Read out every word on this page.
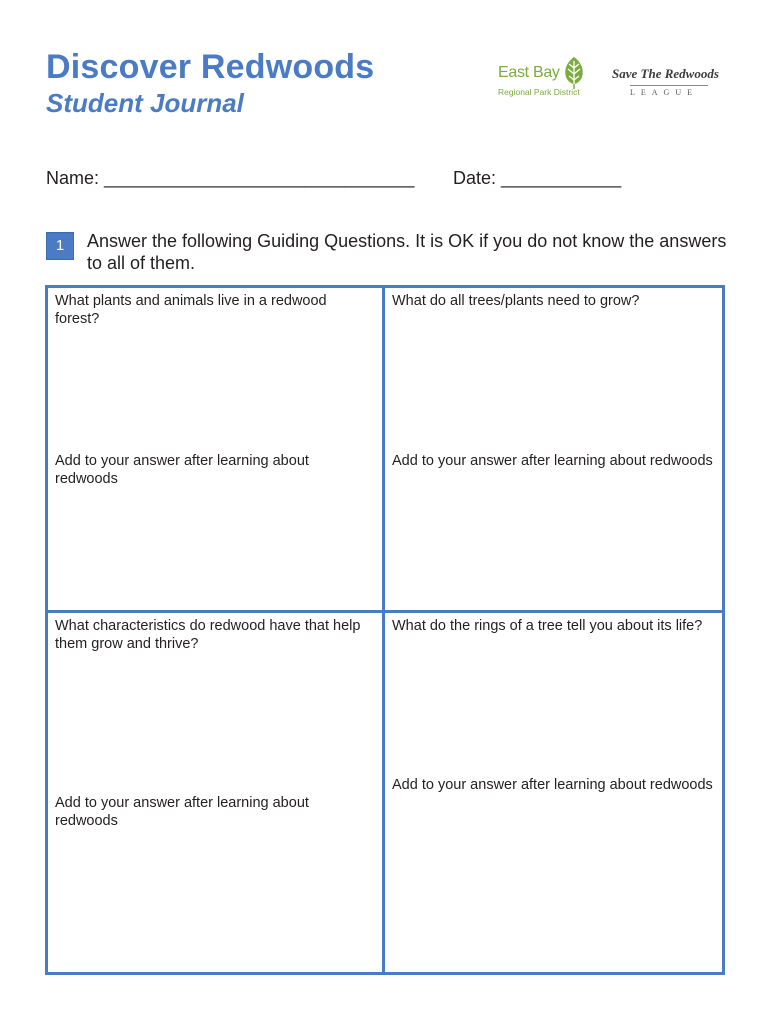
Discover Redwoods
Student Journal
East Bay
Regional Park District
Save The Redwoods
LEAGUE
Name: _______________________________ Date: ____________
1	Answer the following Guiding Questions. It is OK if you do not know the answers to all of them.

What plants and animals live in a redwood forest?

Add to your answer after learning about redwoods

What do all trees/plants need to grow?

Add to your answer after learning about redwoods

What characteristics do redwood have that help them grow and thrive?

Add to your answer after learning about redwoods

What do the rings of a tree tell you about its life?

Add to your answer after learning about redwoods
